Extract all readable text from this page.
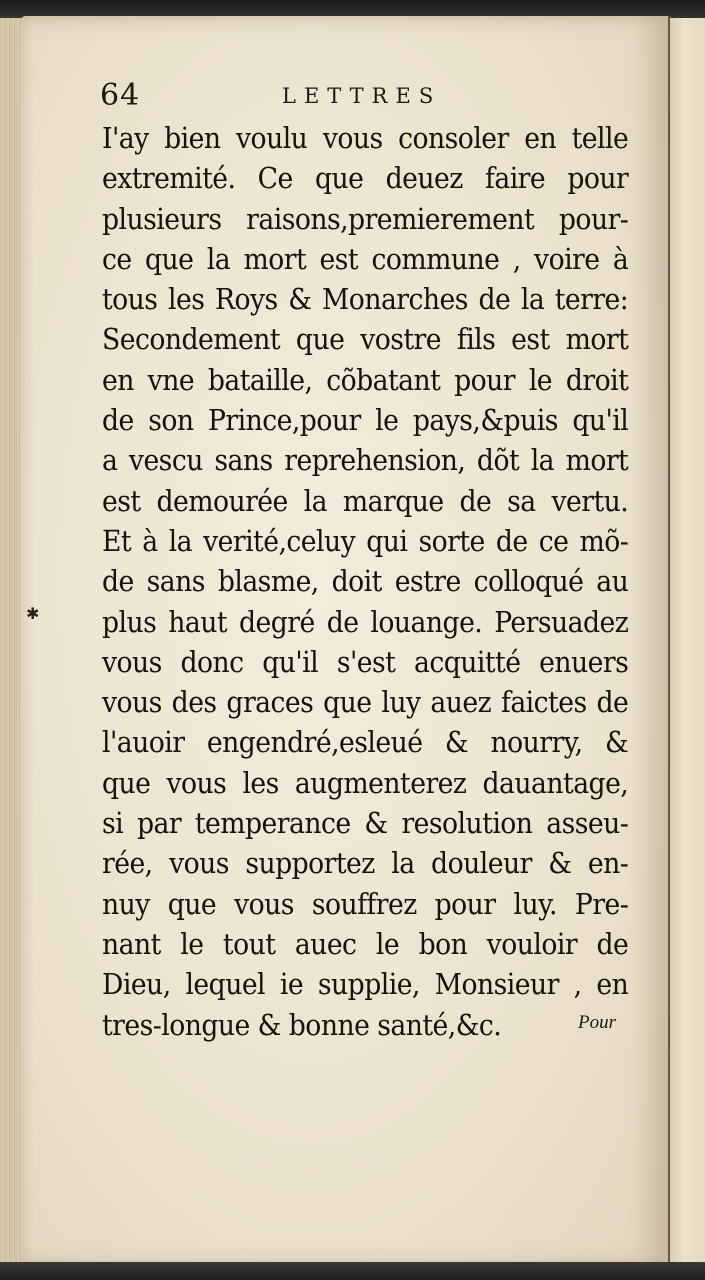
64	LETTRES
✱
I'ay bien voulu vous consoler en telle
extremité. Ce que deuez faire pour
plusieurs raisons,premierement pour-
ce que la mort est commune , voire à
tous les Roys & Monarches de la terre:
Secondement que vostre fils est mort
en vne bataille, cõbatant pour le droit
de son Prince,pour le pays,&puis qu'il
a vescu sans reprehension, dõt la mort
est demourée la marque de sa vertu.
Et à la verité,celuy qui sorte de ce mõ-
de sans blasme, doit estre colloqué au
plus haut degré de louange. Persuadez
vous donc qu'il s'est acquitté enuers
vous des graces que luy auez faictes de
l'auoir engendré,esleué & nourry, &
que vous les augmenterez dauantage,
si par temperance & resolution asseu-
rée, vous supportez la douleur & en-
nuy que vous souffrez pour luy. Pre-
nant le tout auec le bon vouloir de
Dieu, lequel ie supplie, Monsieur , en
tres-longue & bonne santé,&c.	Pour
